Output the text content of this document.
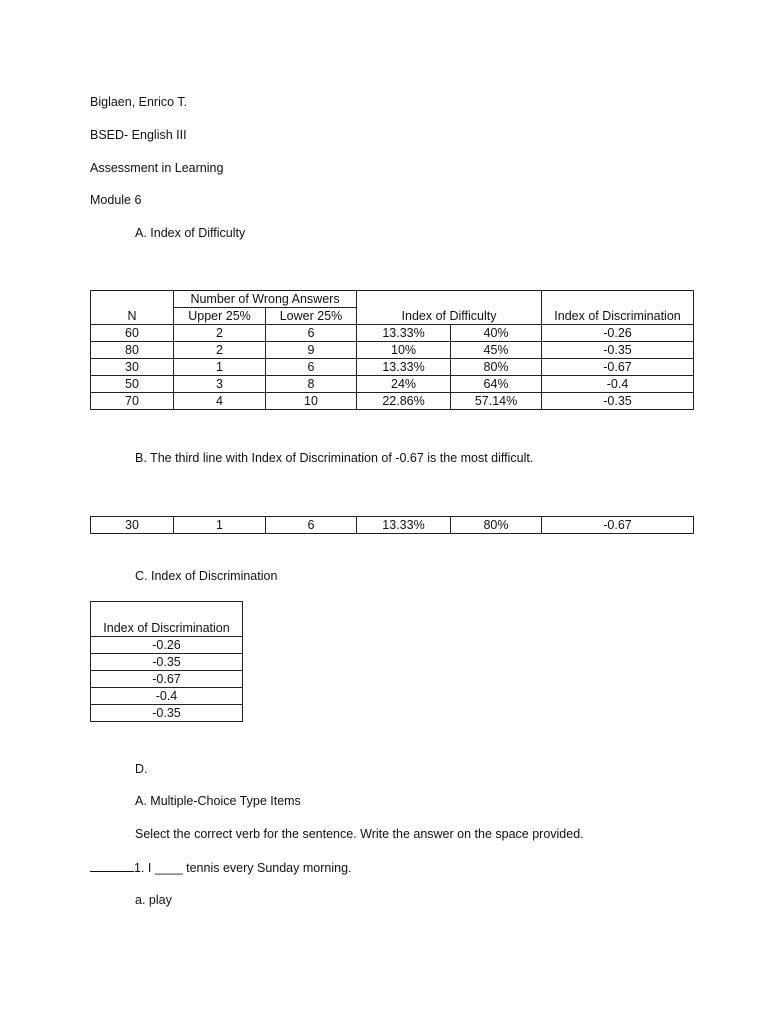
Biglaen, Enrico T.
BSED- English III
Assessment in Learning
Module 6
A. Index of Difficulty
	Number of Wrong Answers				
N	Upper 25%	Lower 25%	Index of Difficulty		Index of Discrimination
60	2	6	13.33%	40%	-0.26
80	2	9	10%	45%	-0.35
30	1	6	13.33%	80%	-0.67
50	3	8	24%	64%	-0.4
70	4	10	22.86%	57.14%	-0.35
B. The third line with Index of Discrimination of -0.67 is the most difficult.
30	1	6	13.33%	80%	-0.67
C. Index of Discrimination
Index of Discrimination
-0.26
-0.35
-0.67
-0.4
-0.35
D.
A. Multiple-Choice Type Items
Select the correct verb for the sentence. Write the answer on the space provided.
1. I ____ tennis every Sunday morning.
a. play
